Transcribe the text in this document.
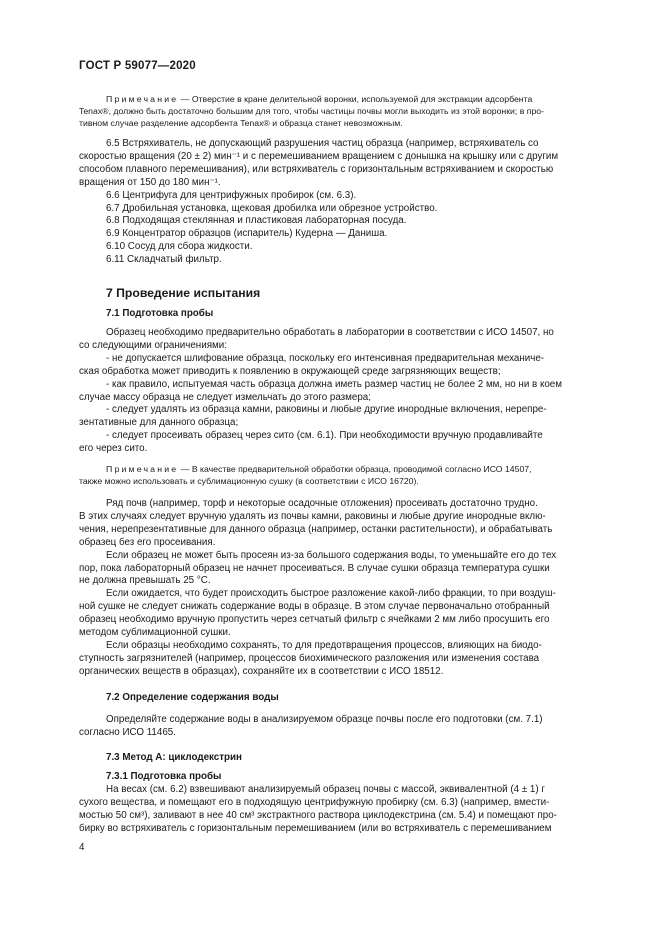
ГОСТ Р 59077—2020
Примечание — Отверстие в кране делительной воронки, используемой для экстракции адсорбента
Tenax®, должно быть достаточно большим для того, чтобы частицы почвы могли выходить из этой воронки; в про-
тивном случае разделение адсорбента Tenax® и образца станет невозможным.
6.5 Встряхиватель, не допускающий разрушения частиц образца (например, встряхиватель со
скоростью вращения (20 ± 2) мин⁻¹ и с перемешиванием вращением с донышка на крышку или с другим
способом плавного перемешивания), или встряхиватель с горизонтальным встряхиванием и скоростью
вращения от 150 до 180 мин⁻¹.
6.6 Центрифуга для центрифужных пробирок (см. 6.3).
6.7 Дробильная установка, щековая дробилка или обрезное устройство.
6.8 Подходящая стеклянная и пластиковая лабораторная посуда.
6.9 Концентратор образцов (испаритель) Кудерна — Даниша.
6.10 Сосуд для сбора жидкости.
6.11 Складчатый фильтр.
7 Проведение испытания
7.1 Подготовка пробы
Образец необходимо предварительно обработать в лаборатории в соответствии с ИСО 14507, но
со следующими ограничениями:
- не допускается шлифование образца, поскольку его интенсивная предварительная механиче-
ская обработка может приводить к появлению в окружающей среде загрязняющих веществ;
- как правило, испытуемая часть образца должна иметь размер частиц не более 2 мм, но ни в коем
случае массу образца не следует измельчать до этого размера;
- следует удалять из образца камни, раковины и любые другие инородные включения, нерепре-
зентативные для данного образца;
- следует просеивать образец через сито (см. 6.1). При необходимости вручную продавливайте
его через сито.
Примечание — В качестве предварительной обработки образца, проводимой согласно ИСО 14507,
также можно использовать и сублимационную сушку (в соответствии с ИСО 16720).
Ряд почв (например, торф и некоторые осадочные отложения) просеивать достаточно трудно.
В этих случаях следует вручную удалять из почвы камни, раковины и любые другие инородные вклю-
чения, нерепрезентативные для данного образца (например, останки растительности), и обрабатывать
образец без его просеивания.
Если образец не может быть просеян из-за большого содержания воды, то уменьшайте его до тех
пор, пока лабораторный образец не начнет просеиваться. В случае сушки образца температура сушки
не должна превышать 25 °С.
Если ожидается, что будет происходить быстрое разложение какой-либо фракции, то при воздуш-
ной сушке не следует снижать содержание воды в образце. В этом случае первоначально отобранный
образец необходимо вручную пропустить через сетчатый фильтр с ячейками 2 мм либо просушить его
методом сублимационной сушки.
Если образцы необходимо сохранять, то для предотвращения процессов, влияющих на биодо-
ступность загрязнителей (например, процессов биохимического разложения или изменения состава
органических веществ в образцах), сохраняйте их в соответствии с ИСО 18512.
7.2 Определение содержания воды
Определяйте содержание воды в анализируемом образце почвы после его подготовки (см. 7.1)
согласно ИСО 11465.
7.3 Метод А: циклодекстрин
7.3.1 Подготовка пробы
На весах (см. 6.2) взвешивают анализируемый образец почвы с массой, эквивалентной (4 ± 1) г
сухого вещества, и помещают его в подходящую центрифужную пробирку (см. 6.3) (например, вмести-
мостью 50 см³), заливают в нее 40 см³ экстрактного раствора циклодекстрина (см. 5.4) и помещают про-
бирку во встряхиватель с горизонтальным перемешиванием (или во встряхиватель с перемешиванием
4
